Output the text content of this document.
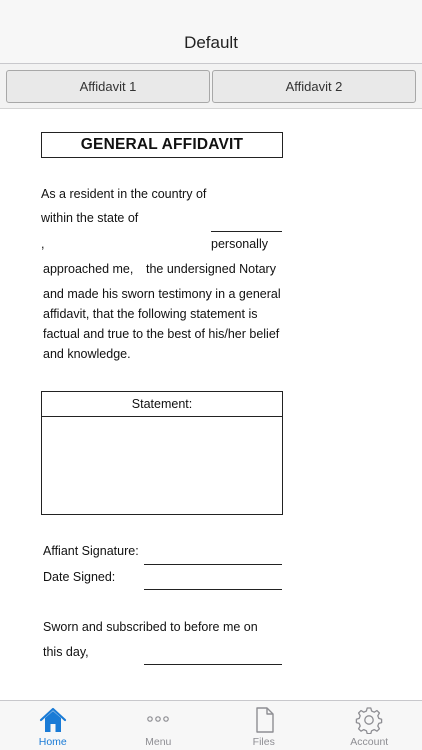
Default
Affidavit 1	Affidavit 2
GENERAL AFFIDAVIT
As a resident in the country of
within the state of
,	personally
approached me, the undersigned Notary
and made his sworn testimony in a general
affidavit, that the following statement is
factual and true to the best of his/her belief
and knowledge.
Statement:
Affiant Signature:
Date Signed:
Sworn and subscribed to before me on
this day,
Home	Menu	Files	Account
